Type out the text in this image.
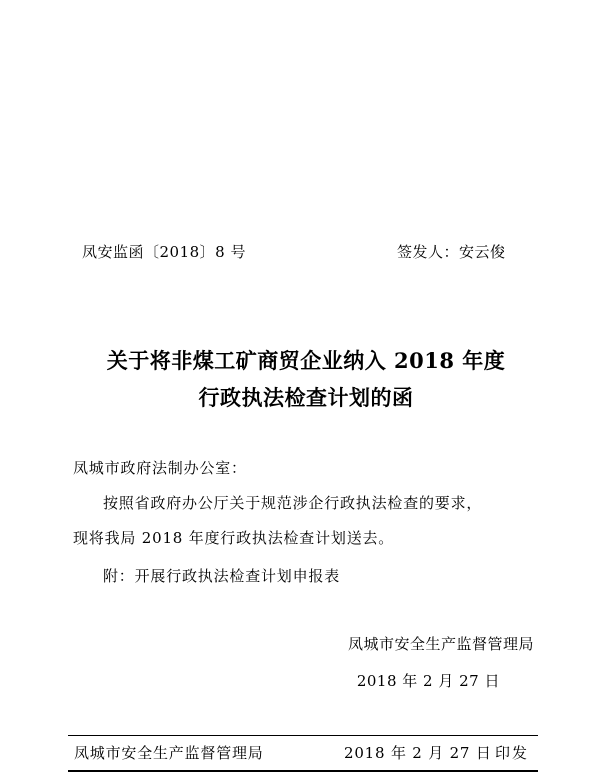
凤安监函〔2018〕8 号	签发人：安云俊
关于将非煤工矿商贸企业纳入 2018 年度
行政执法检查计划的函
凤城市政府法制办公室：
按照省政府办公厅关于规范涉企行政执法检查的要求，
现将我局 2018 年度行政执法检查计划送去。
附：开展行政执法检查计划申报表
凤城市安全生产监督管理局
2018 年 2 月 27 日
凤城市安全生产监督管理局	2018 年 2 月 27 日 印发
